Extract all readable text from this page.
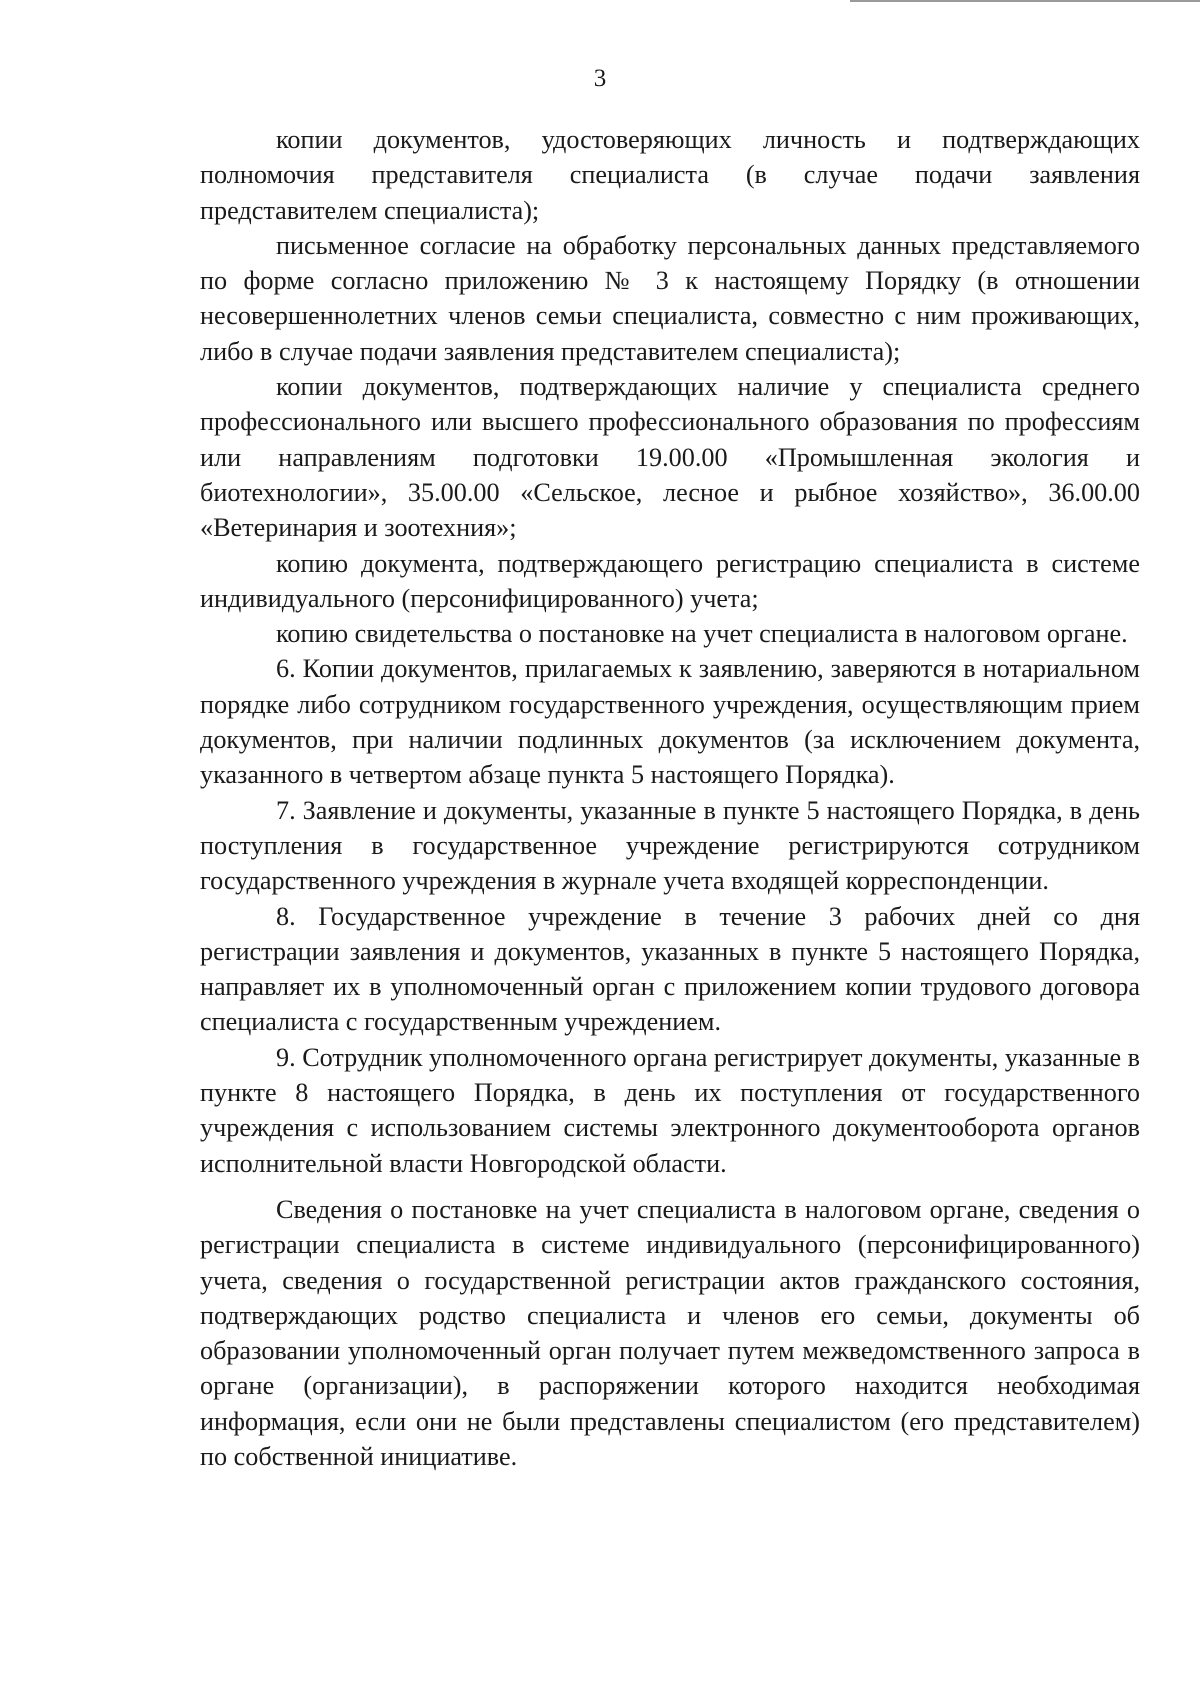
3

копии документов, удостоверяющих личность и подтверждающих полномочия представителя специалиста (в случае подачи заявления представителем специалиста);

письменное согласие на обработку персональных данных представляемого по форме согласно приложению № 3 к настоящему Порядку (в отношении несовершеннолетних членов семьи специалиста, совместно с ним проживающих, либо в случае подачи заявления представителем специалиста);

копии документов, подтверждающих наличие у специалиста среднего профессионального или высшего профессионального образования по профессиям или направлениям подготовки 19.00.00 «Промышленная экология и биотехнологии», 35.00.00 «Сельское, лесное и рыбное хозяйство», 36.00.00 «Ветеринария и зоотехния»;

копию документа, подтверждающего регистрацию специалиста в системе индивидуального (персонифицированного) учета;

копию свидетельства о постановке на учет специалиста в налоговом органе.

6. Копии документов, прилагаемых к заявлению, заверяются в нотариальном порядке либо сотрудником государственного учреждения, осуществляющим прием документов, при наличии подлинных документов (за исключением документа, указанного в четвертом абзаце пункта 5 настоящего Порядка).

7. Заявление и документы, указанные в пункте 5 настоящего Порядка, в день поступления в государственное учреждение регистрируются сотрудником государственного учреждения в журнале учета входящей корреспонденции.

8. Государственное учреждение в течение 3 рабочих дней со дня регистрации заявления и документов, указанных в пункте 5 настоящего Порядка, направляет их в уполномоченный орган с приложением копии трудового договора специалиста с государственным учреждением.

9. Сотрудник уполномоченного органа регистрирует документы, указанные в пункте 8 настоящего Порядка, в день их поступления от государственного учреждения с использованием системы электронного документооборота органов исполнительной власти Новгородской области.

Сведения о постановке на учет специалиста в налоговом органе, сведения о регистрации специалиста в системе индивидуального (персонифицированного) учета, сведения о государственной регистрации актов гражданского состояния, подтверждающих родство специалиста и членов его семьи, документы об образовании уполномоченный орган получает путем межведомственного запроса в органе (организации), в распоряжении которого находится необходимая информация, если они не были представлены специалистом (его представителем) по собственной инициативе.
